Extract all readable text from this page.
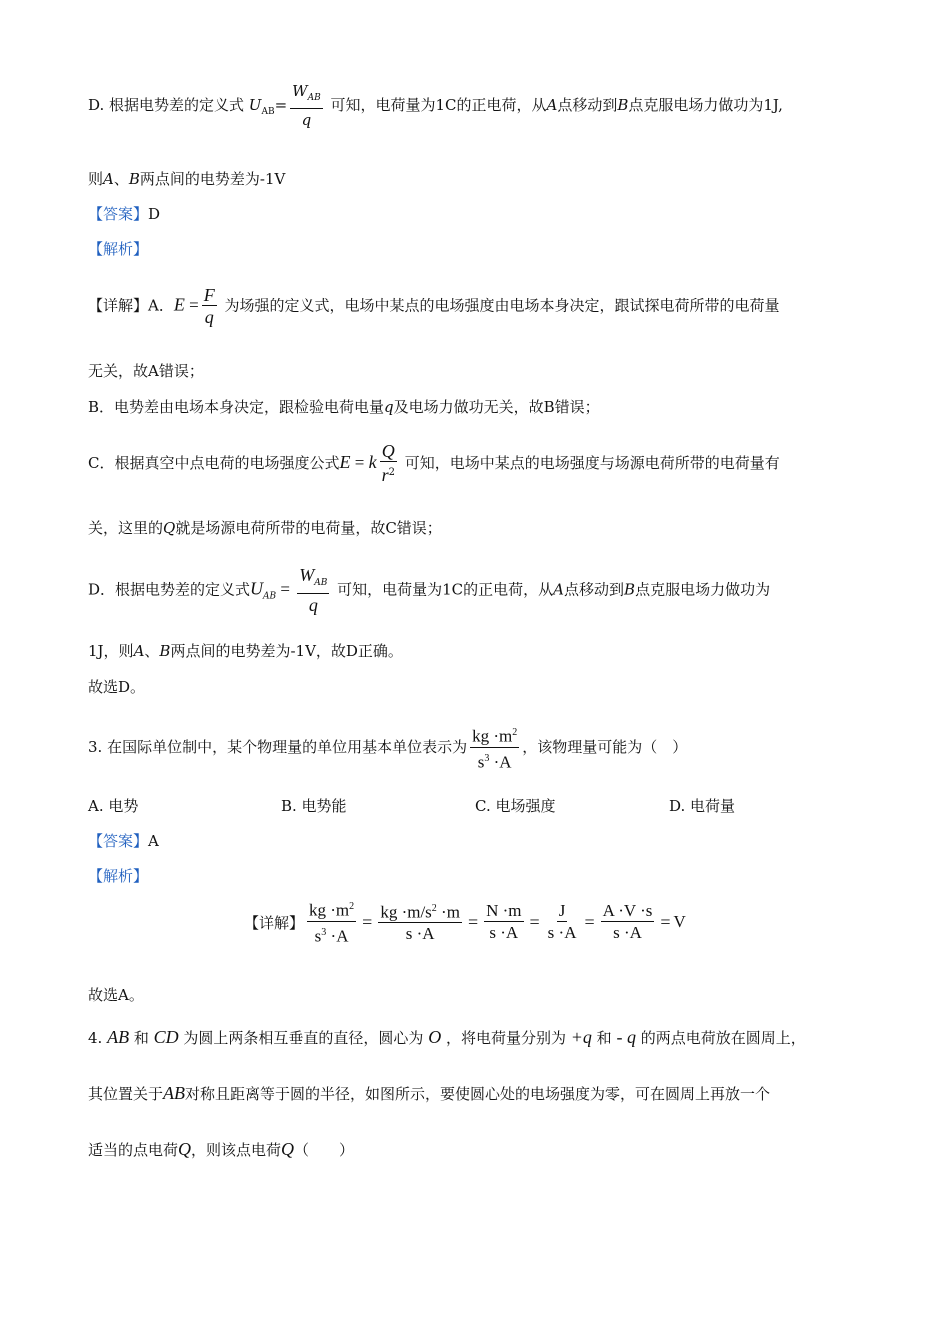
D. 根据电势差的定义式 $U_{AB}= \frac{W_{AB}}{q}$ 可知，电荷量为1C的正电荷，从A点移动到B点克服电场力做功为1J,
则A、B两点间的电势差为-1V
【答案】D
【解析】
【详解】A．$E = \frac{F}{q}$ 为场强的定义式，电场中某点的电场强度由电场本身决定，跟试探电荷所带的电荷量
无关，故A错误；
B．电势差由电场本身决定，跟检验电荷电量q及电场力做功无关，故B错误；
C．根据真空中点电荷的电场强度公式E = k $\frac{Q}{r^2}$ 可知，电场中某点的电场强度与场源电荷所带的电荷量有
关，这里的Q就是场源电荷所带的电荷量，故C错误；
D．根据电势差的定义式$U_{AB} = \frac{W_{AB}}{q}$ 可知，电荷量为1C的正电荷，从A点移动到B点克服电场力做功为
1J，则A、B两点间的电势差为-1V，故D正确。
故选D。
3. 在国际单位制中，某个物理量的单位用基本单位表示为 $\frac{kg \cdot m^2}{s^3 \cdot A}$ ，该物理量可能为（　）
A. 电势	B. 电势能	C. 电场强度	D. 电荷量
【答案】A
【解析】
【详解】 $\frac{kg \cdot m^2}{s^3 \cdot A} = \frac{kg \cdot m/s^2 \cdot m}{s \cdot A} = \frac{N \cdot m}{s \cdot A} = \frac{J}{s \cdot A} = \frac{A \cdot V \cdot s}{s \cdot A} = V$
故选A。
4. AB 和 CD 为圆上两条相互垂直的直径，圆心为 O ，将电荷量分别为 +q 和 - q 的两点电荷放在圆周上，
其位置关于AB对称且距离等于圆的半径，如图所示，要使圆心处的电场强度为零，可在圆周上再放一个
适当的点电荷Q，则该点电荷Q（　　）
